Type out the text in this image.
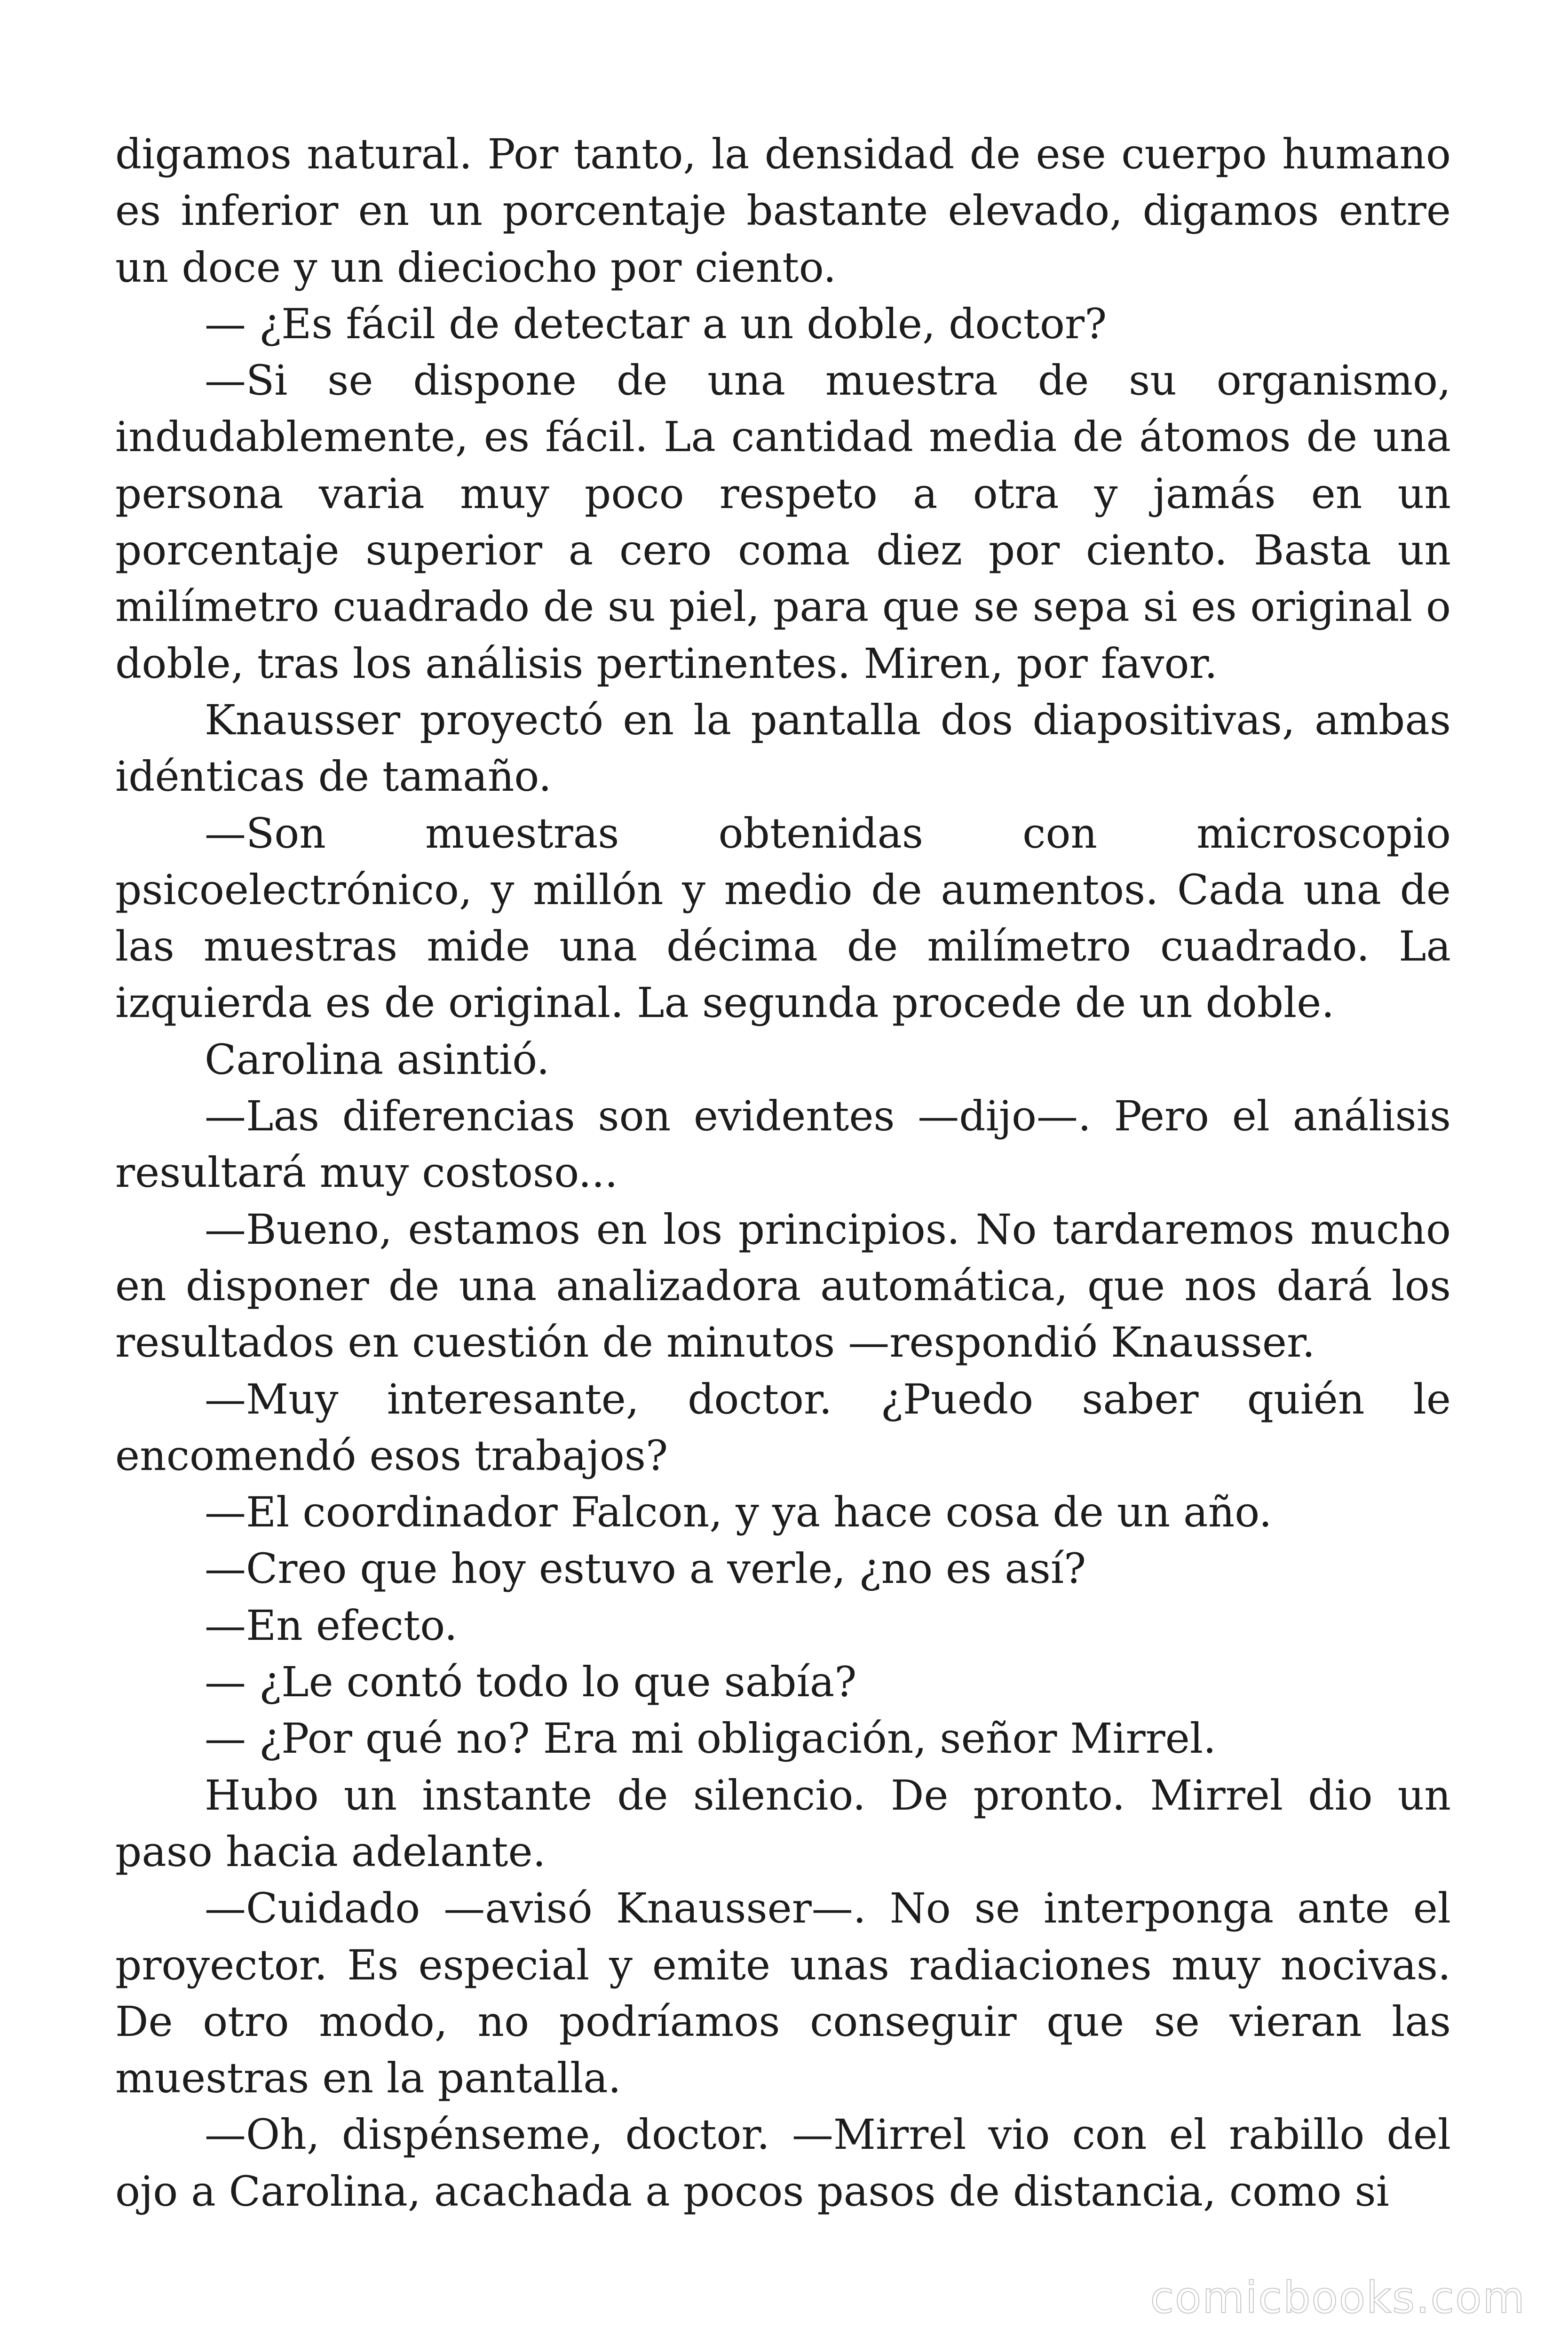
digamos natural. Por tanto, la densidad de ese cuerpo humano es inferior en un porcentaje bastante elevado, digamos entre un doce y un dieciocho por ciento.

— ¿Es fácil de detectar a un doble, doctor?

—Si se dispone de una muestra de su organismo, indudablemente, es fácil. La cantidad media de átomos de una persona varia muy poco respeto a otra y jamás en un porcentaje superior a cero coma diez por ciento. Basta un milímetro cuadrado de su piel, para que se sepa si es original o doble, tras los análisis pertinentes. Miren, por favor.

Knausser proyectó en la pantalla dos diapositivas, ambas idénticas de tamaño.

—Son muestras obtenidas con microscopio psicoelectrónico, y millón y medio de aumentos. Cada una de las muestras mide una décima de milímetro cuadrado. La izquierda es de original. La segunda procede de un doble.

Carolina asintió.

—Las diferencias son evidentes —dijo—. Pero el análisis resultará muy costoso...

—Bueno, estamos en los principios. No tardaremos mucho en disponer de una analizadora automática, que nos dará los resultados en cuestión de minutos —respondió Knausser.

—Muy interesante, doctor. ¿Puedo saber quién le encomendó esos trabajos?

—El coordinador Falcon, y ya hace cosa de un año.

—Creo que hoy estuvo a verle, ¿no es así?

—En efecto.

— ¿Le contó todo lo que sabía?

— ¿Por qué no? Era mi obligación, señor Mirrel.

Hubo un instante de silencio. De pronto. Mirrel dio un paso hacia adelante.

—Cuidado —avisó Knausser—. No se interponga ante el proyector. Es especial y emite unas radiaciones muy nocivas. De otro modo, no podríamos conseguir que se vieran las muestras en la pantalla.

—Oh, dispénseme, doctor. —Mirrel vio con el rabillo del ojo a Carolina, acachada a pocos pasos de distancia, como si

comicbooks.com
